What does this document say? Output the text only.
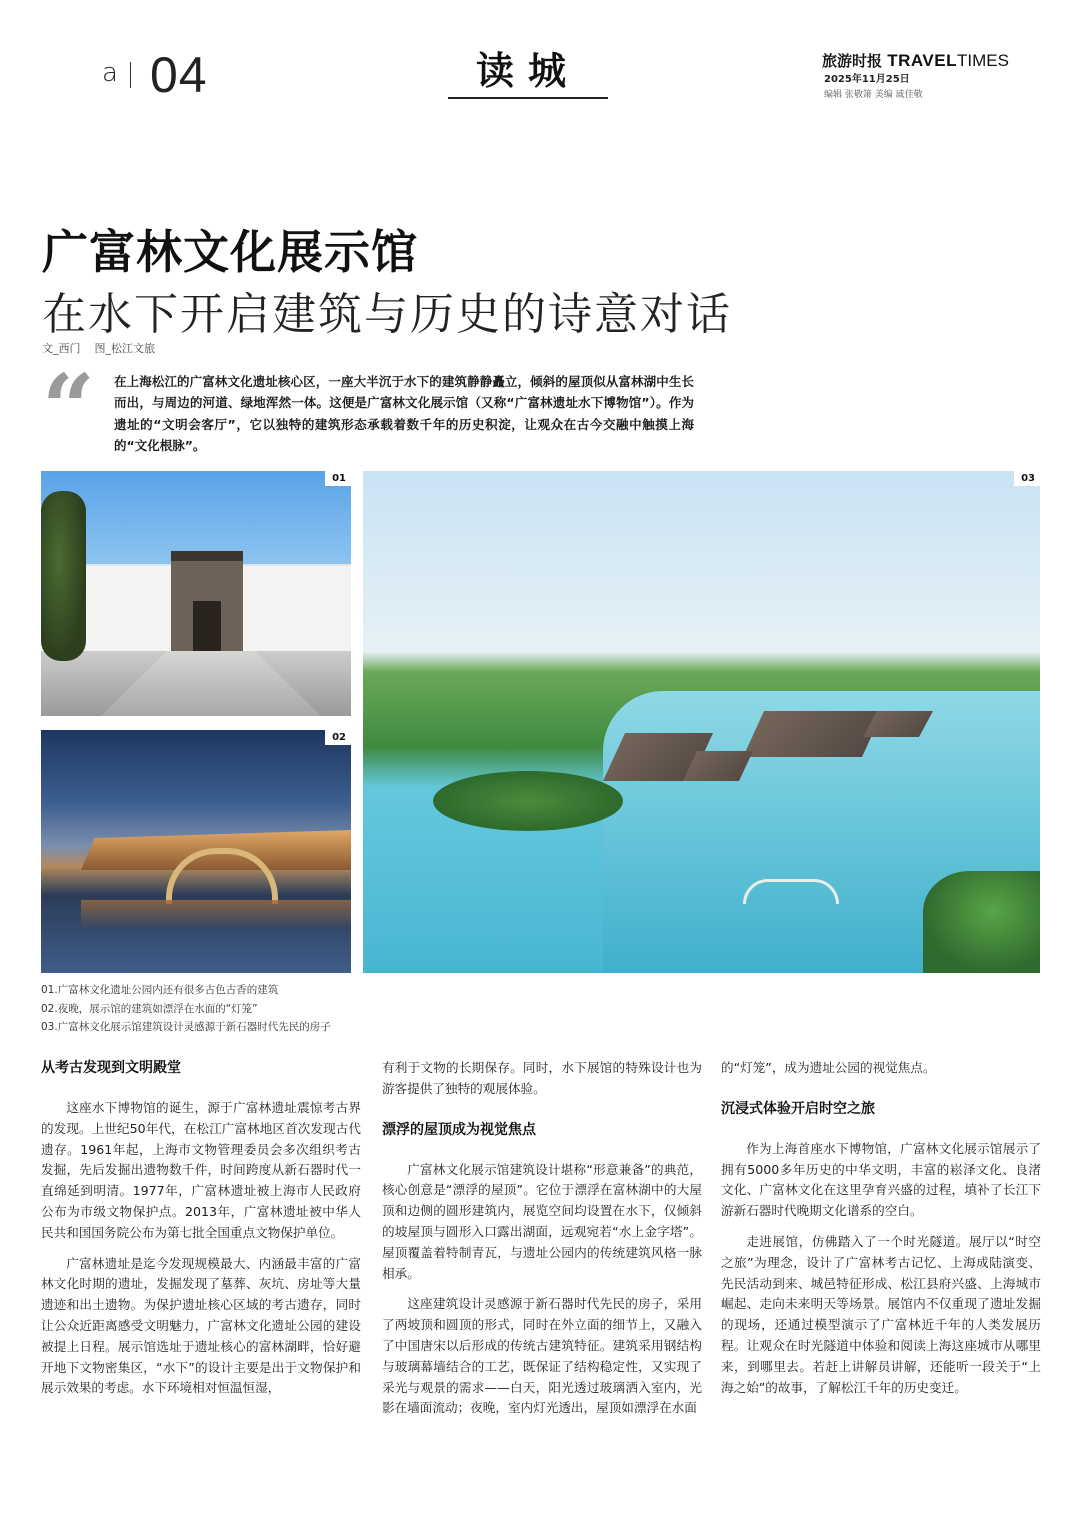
a 04	读城	旅游时报 TRAVELTIMES
2025年11月25日
编辑 张敬箫 美编 戚佳敬
广富林文化展示馆
在水下开启建筑与历史的诗意对话
文_西门 图_松江文旅
“ 在上海松江的广富林文化遗址核心区，一座大半沉于水下的建筑静静矗立，倾斜的屋顶似从富林湖中生长而出，与周边的河道、绿地浑然一体。这便是广富林文化展示馆（又称“广富林遗址水下博物馆”）。作为遗址的“文明会客厅”，它以独特的建筑形态承载着数千年的历史积淀，让观众在古今交融中触摸上海的“文化根脉”。
01
02
03
01.广富林文化遗址公园内还有很多古色古香的建筑
02.夜晚，展示馆的建筑如漂浮在水面的“灯笼”
03.广富林文化展示馆建筑设计灵感源于新石器时代先民的房子
从考古发现到文明殿堂

这座水下博物馆的诞生，源于广富林遗址震惊考古界的发现。上世纪50年代，在松江广富林地区首次发现古代遗存。1961年起，上海市文物管理委员会多次组织考古发掘，先后发掘出遗物数千件，时间跨度从新石器时代一直绵延到明清。1977年，广富林遗址被上海市人民政府公布为市级文物保护点。2013年，广富林遗址被中华人民共和国国务院公布为第七批全国重点文物保护单位。

广富林遗址是迄今发现规模最大、内涵最丰富的广富林文化时期的遗址，发掘发现了墓葬、灰坑、房址等大量遗迹和出土遗物。为保护遗址核心区域的考古遗存，同时让公众近距离感受文明魅力，广富林文化遗址公园的建设被提上日程。展示馆选址于遗址核心的富林湖畔，恰好避开地下文物密集区，“水下”的设计主要是出于文物保护和展示效果的考虑。水下环境相对恒温恒湿，

有利于文物的长期保存。同时，水下展馆的特殊设计也为游客提供了独特的观展体验。

漂浮的屋顶成为视觉焦点

广富林文化展示馆建筑设计堪称“形意兼备”的典范，核心创意是“漂浮的屋顶”。它位于漂浮在富林湖中的大屋顶和边侧的圆形建筑内，展览空间均设置在水下，仅倾斜的坡屋顶与圆形入口露出湖面，远观宛若“水上金字塔”。屋顶覆盖着特制青瓦，与遗址公园内的传统建筑风格一脉相承。

这座建筑设计灵感源于新石器时代先民的房子，采用了两坡顶和圆顶的形式，同时在外立面的细节上，又融入了中国唐宋以后形成的传统古建筑特征。建筑采用钢结构与玻璃幕墙结合的工艺，既保证了结构稳定性，又实现了采光与观景的需求——白天，阳光透过玻璃洒入室内，光影在墙面流动；夜晚，室内灯光透出，屋顶如漂浮在水面

的“灯笼”，成为遗址公园的视觉焦点。

沉浸式体验开启时空之旅

作为上海首座水下博物馆，广富林文化展示馆展示了拥有5000多年历史的中华文明，丰富的崧泽文化、良渚文化、广富林文化在这里孕育兴盛的过程，填补了长江下游新石器时代晚期文化谱系的空白。

走进展馆，仿佛踏入了一个时光隧道。展厅以“时空之旅”为理念，设计了广富林考古记忆、上海成陆演变、先民活动到来、城邑特征形成、松江县府兴盛、上海城市崛起、走向未来明天等场景。展馆内不仅重现了遗址发掘的现场，还通过模型演示了广富林近千年的人类发展历程。让观众在时光隧道中体验和阅读上海这座城市从哪里来，到哪里去。若赶上讲解员讲解，还能听一段关于“上海之始”的故事，了解松江千年的历史变迁。
